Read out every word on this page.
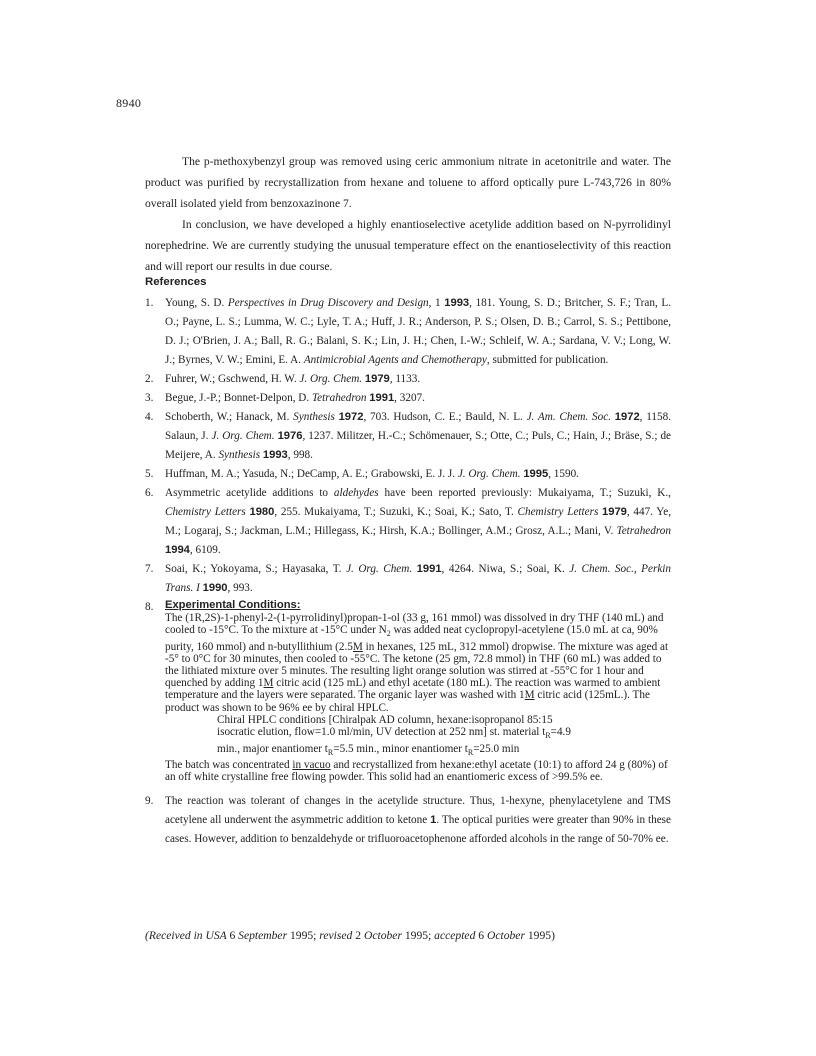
8940

The p-methoxybenzyl group was removed using ceric ammonium nitrate in acetonitrile and water. The product was purified by recrystallization from hexane and toluene to afford optically pure L-743,726 in 80% overall isolated yield from benzoxazinone 7.

In conclusion, we have developed a highly enantioselective acetylide addition based on N-pyrrolidinyl norephedrine. We are currently studying the unusual temperature effect on the enantioselectivity of this reaction and will report our results in due course.

References
1. Young, S. D. Perspectives in Drug Discovery and Design, 1 1993, 181. Young, S. D.; Britcher, S. F.; Tran, L. O.; Payne, L. S.; Lumma, W. C.; Lyle, T. A.; Huff, J. R.; Anderson, P. S.; Olsen, D. B.; Carrol, S. S.; Pettibone, D. J.; O'Brien, J. A.; Ball, R. G.; Balani, S. K.; Lin, J. H.; Chen, I.-W.; Schleif, W. A.; Sardana, V. V.; Long, W. J.; Byrnes, V. W.; Emini, E. A. Antimicrobial Agents and Chemotherapy, submitted for publication.
2. Fuhrer, W.; Gschwend, H. W. J. Org. Chem. 1979, 1133.
3. Begue, J.-P.; Bonnet-Delpon, D. Tetrahedron 1991, 3207.
4. Schoberth, W.; Hanack, M. Synthesis 1972, 703. Hudson, C. E.; Bauld, N. L. J. Am. Chem. Soc. 1972, 1158. Salaun, J. J. Org. Chem. 1976, 1237. Militzer, H.-C.; Schömenauer, S.; Otte, C.; Puls, C.; Hain, J.; Bräse, S.; de Meijere, A. Synthesis 1993, 998.
5. Huffman, M. A.; Yasuda, N.; DeCamp, A. E.; Grabowski, E. J. J. J. Org. Chem. 1995, 1590.
6. Asymmetric acetylide additions to aldehydes have been reported previously: Mukaiyama, T.; Suzuki, K., Chemistry Letters 1980, 255. Mukaiyama, T.; Suzuki, K.; Soai, K.; Sato, T. Chemistry Letters 1979, 447. Ye, M.; Logaraj, S.; Jackman, L.M.; Hillegass, K.; Hirsh, K.A.; Bollinger, A.M.; Grosz, A.L.; Mani, V. Tetrahedron 1994, 6109.
7. Soai, K.; Yokoyama, S.; Hayasaka, T. J. Org. Chem. 1991, 4264. Niwa, S.; Soai, K. J. Chem. Soc., Perkin Trans. I 1990, 993.
8. Experimental Conditions:
The (1R,2S)-1-phenyl-2-(1-pyrrolidinyl)propan-1-ol (33 g, 161 mmol) was dissolved in dry THF (140 mL) and cooled to -15°C. To the mixture at -15°C under $N_2$ was added neat cyclopropyl-acetylene (15.0 mL at ca, 90% purity, 160 mmol) and n-butyllithium (2.5M in hexanes, 125 mL, 312 mmol) dropwise. The mixture was aged at -5° to 0°C for 30 minutes, then cooled to -55°C. The ketone (25 gm, 72.8 mmol) in THF (60 mL) was added to the lithiated mixture over 5 minutes. The resulting light orange solution was stirred at -55°C for 1 hour and quenched by adding 1M citric acid (125 mL) and ethyl acetate (180 mL). The reaction was warmed to ambient temperature and the layers were separated. The organic layer was washed with 1M citric acid (125mL.). The product was shown to be 96% ee by chiral HPLC.
Chiral HPLC conditions [Chiralpak AD column, hexane:isopropanol 85:15
isocratic elution, flow=1.0 ml/min, UV detection at 252 nm] st. material $t_R=4.9$
min., major enantiomer $t_R=5.5$ min., minor enantiomer $t_R=25.0$ min
The batch was concentrated in vacuo and recrystallized from hexane:ethyl acetate (10:1) to afford 24 g (80%) of an off white crystalline free flowing powder. This solid had an enantiomeric excess of >99.5% ee.
9. The reaction was tolerant of changes in the acetylide structure. Thus, 1-hexyne, phenylacetylene and TMS acetylene all underwent the asymmetric addition to ketone 1. The optical purities were greater than 90% in these cases. However, addition to benzaldehyde or trifluoroacetophenone afforded alcohols in the range of 50-70% ee.
(Received in USA 6 September 1995; revised 2 October 1995; accepted 6 October 1995)
